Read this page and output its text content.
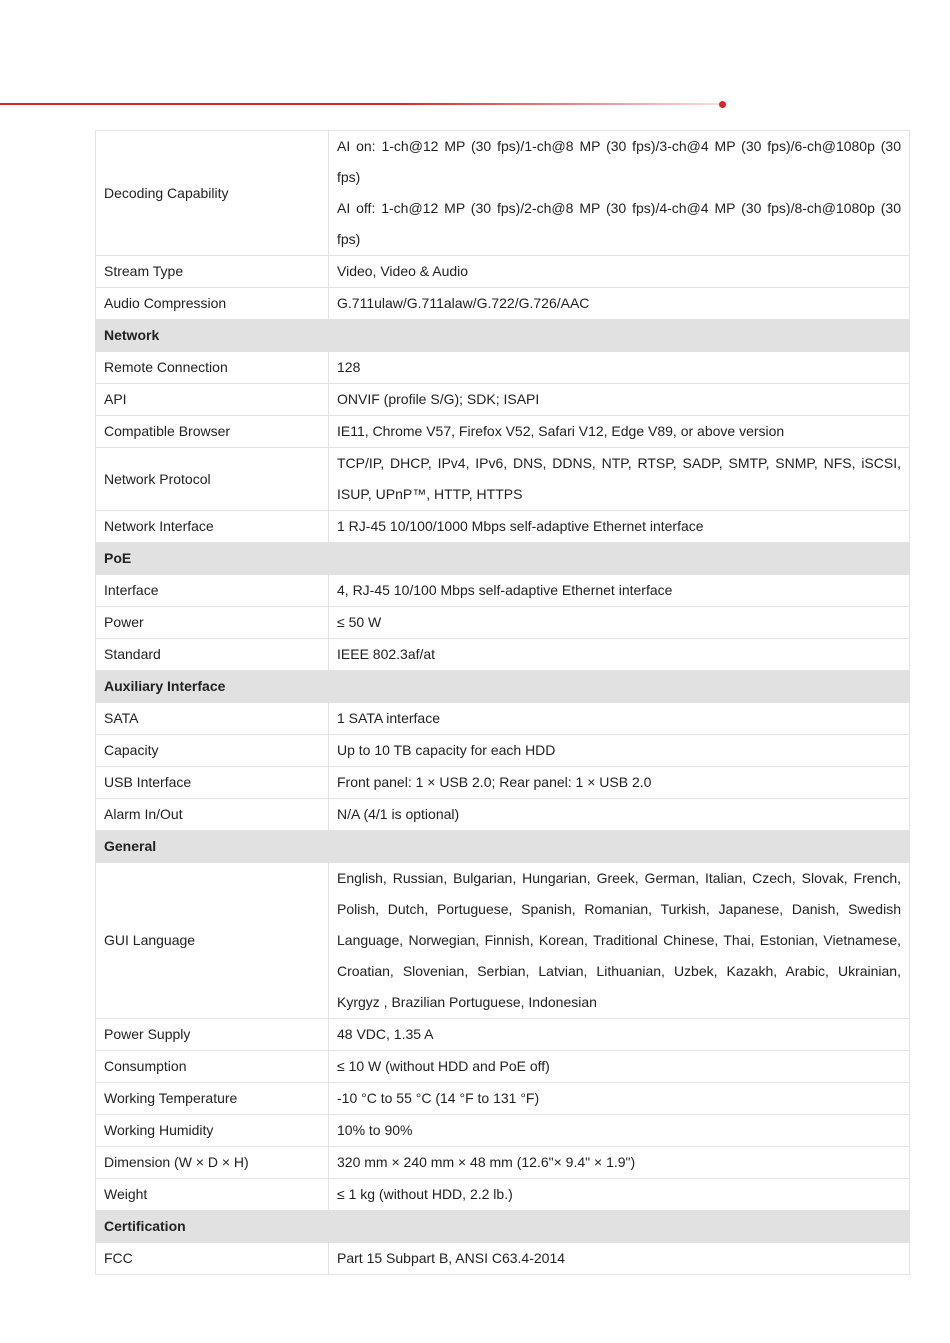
Decoding Capability	AI on: 1-ch@12 MP (30 fps)/1-ch@8 MP (30 fps)/3-ch@4 MP (30 fps)/6-ch@1080p (30 fps)
AI off: 1-ch@12 MP (30 fps)/2-ch@8 MP (30 fps)/4-ch@4 MP (30 fps)/8-ch@1080p (30 fps)

Stream Type	Video, Video & Audio

Audio Compression	G.711ulaw/G.711alaw/G.722/G.726/AAC

Network	
Remote Connection	128

API	ONVIF (profile S/G); SDK; ISAPI

Compatible Browser	IE11, Chrome V57, Firefox V52, Safari V12, Edge V89, or above version

Network Protocol	TCP/IP, DHCP, IPv4, IPv6, DNS, DDNS, NTP, RTSP, SADP, SMTP, SNMP, NFS, iSCSI, ISUP, UPnP™, HTTP, HTTPS

Network Interface	1 RJ-45 10/100/1000 Mbps self-adaptive Ethernet interface

PoE	
Interface	4, RJ-45 10/100 Mbps self-adaptive Ethernet interface

Power	≤ 50 W

Standard	IEEE 802.3af/at

Auxiliary Interface	
SATA	1 SATA interface

Capacity	Up to 10 TB capacity for each HDD

USB Interface	Front panel: 1 × USB 2.0; Rear panel: 1 × USB 2.0

Alarm In/Out	N/A (4/1 is optional)

General	
GUI Language	English, Russian, Bulgarian, Hungarian, Greek, German, Italian, Czech, Slovak, French, Polish, Dutch, Portuguese, Spanish, Romanian, Turkish, Japanese, Danish, Swedish Language, Norwegian, Finnish, Korean, Traditional Chinese, Thai, Estonian, Vietnamese, Croatian, Slovenian, Serbian, Latvian, Lithuanian, Uzbek, Kazakh, Arabic, Ukrainian, Kyrgyz , Brazilian Portuguese, Indonesian

Power Supply	48 VDC, 1.35 A

Consumption	≤ 10 W (without HDD and PoE off)

Working Temperature	-10 °C to 55 °C (14 °F to 131 °F)

Working Humidity	10% to 90%

Dimension (W × D × H)	320 mm × 240 mm × 48 mm (12.6"× 9.4" × 1.9")

Weight	≤ 1 kg (without HDD, 2.2 lb.)

Certification	
FCC	Part 15 Subpart B, ANSI C63.4-2014
